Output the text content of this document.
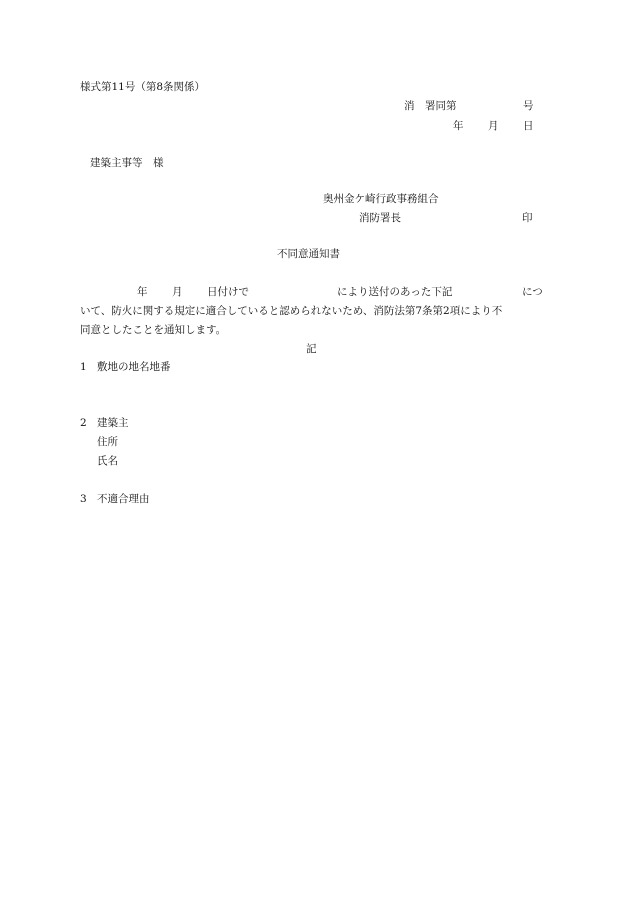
様式第11号（第8条関係）
消　署同第	号
年 月 日
建築主事等　様
奥州金ケ崎行政事務組合
消防署長	印
不同意通知書
年 月 日付けで	により送付のあった下記	につ
いて、防火に関する規定に適合していると認められないため、消防法第7条第2項により不
同意としたことを通知します。
記
1 敷地の地名地番
2 建築主
住所
氏名
3 不適合理由
